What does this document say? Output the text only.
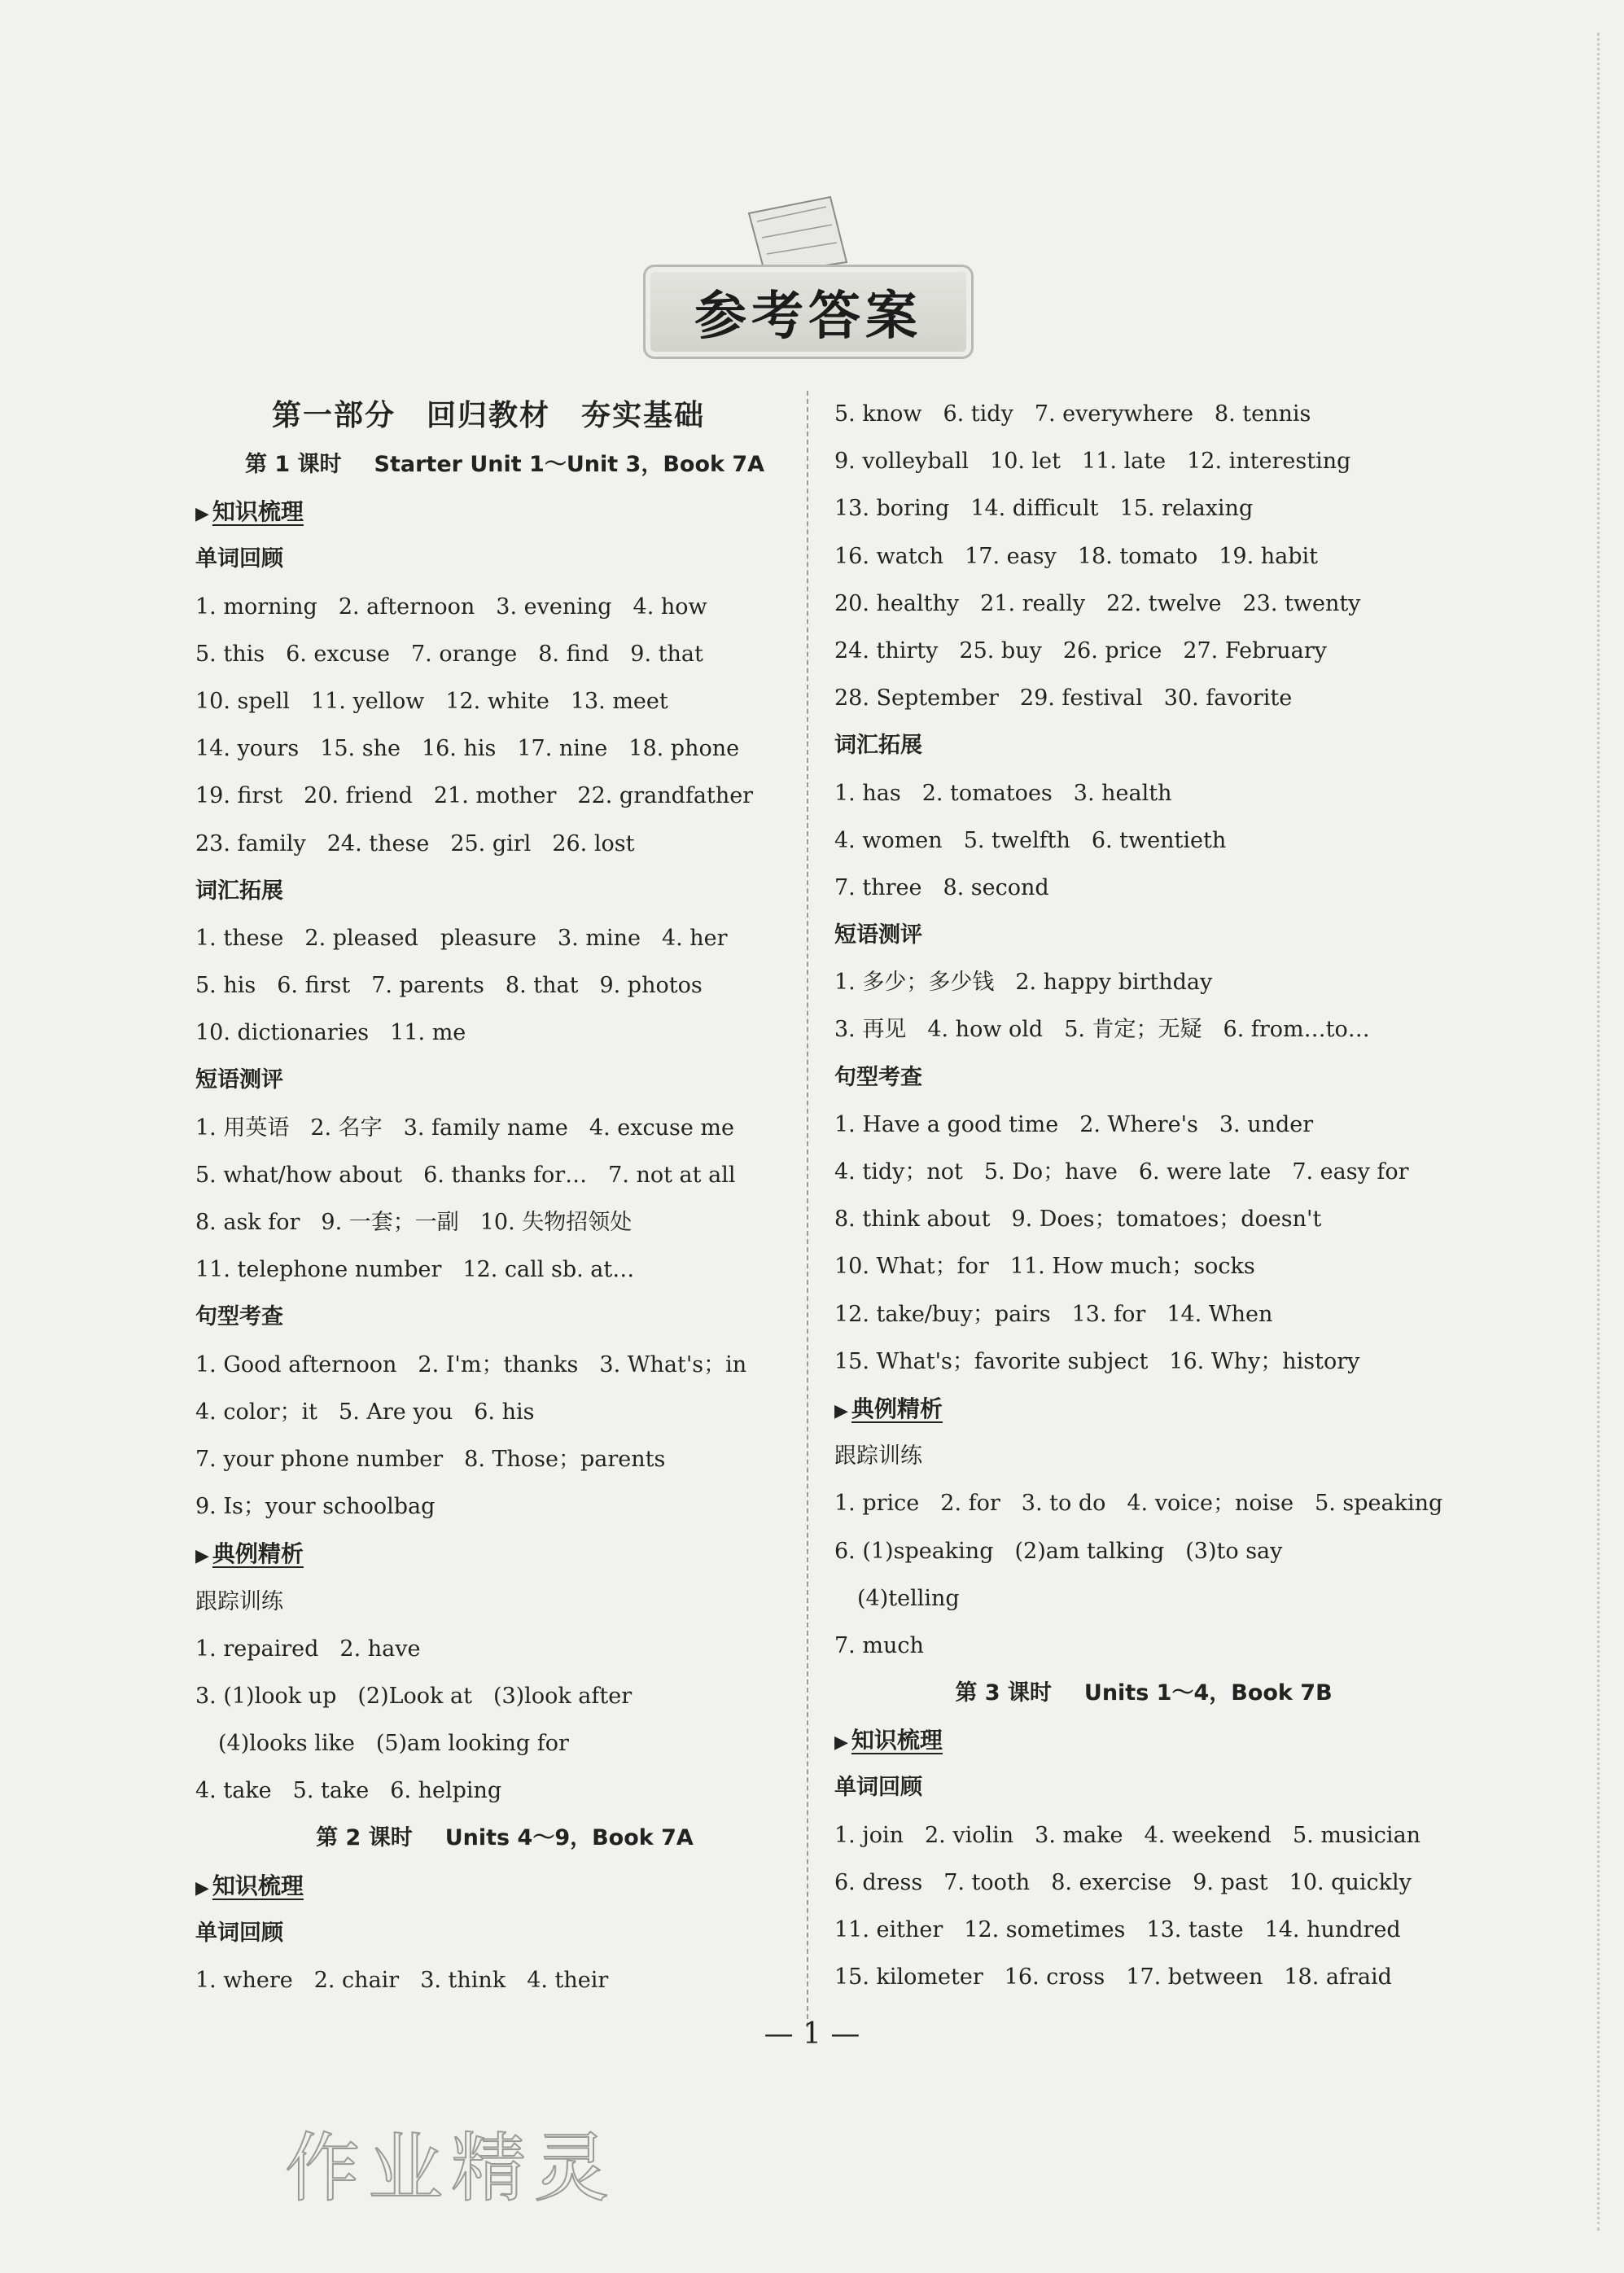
参考答案
第一部分　回归教材　夯实基础
第 1 课时 Starter Unit 1～Unit 3，Book 7A
▶ 知识梳理
单词回顾
1. morning 2. afternoon 3. evening 4. how
5. this 6. excuse 7. orange 8. find 9. that
10. spell 11. yellow 12. white 13. meet
14. yours 15. she 16. his 17. nine 18. phone
19. first 20. friend 21. mother 22. grandfather
23. family 24. these 25. girl 26. lost
词汇拓展
1. these 2. pleased　pleasure 3. mine 4. her
5. his 6. first 7. parents 8. that 9. photos
10. dictionaries 11. me
短语测评
1. 用英语 2. 名字 3. family name 4. excuse me
5. what/how about 6. thanks for… 7. not at all
8. ask for 9. 一套；一副 10. 失物招领处
11. telephone number 12. call sb. at…
句型考查
1. Good afternoon 2. I'm；thanks 3. What's；in
4. color；it 5. Are you 6. his
7. your phone number 8. Those；parents
9. Is；your schoolbag
▶ 典例精析
跟踪训练
1. repaired 2. have
3. (1)look up (2)Look at (3)look after
(4)looks like (5)am looking for
4. take 5. take 6. helping
第 2 课时 Units 4～9，Book 7A
▶ 知识梳理
单词回顾
1. where 2. chair 3. think 4. their
5. know 6. tidy 7. everywhere 8. tennis
9. volleyball 10. let 11. late 12. interesting
13. boring 14. difficult 15. relaxing
16. watch 17. easy 18. tomato 19. habit
20. healthy 21. really 22. twelve 23. twenty
24. thirty 25. buy 26. price 27. February
28. September 29. festival 30. favorite
词汇拓展
1. has 2. tomatoes 3. health
4. women 5. twelfth 6. twentieth
7. three 8. second
短语测评
1. 多少；多少钱 2. happy birthday
3. 再见 4. how old 5. 肯定；无疑 6. from…to…
句型考查
1. Have a good time 2. Where's 3. under
4. tidy；not 5. Do；have 6. were late 7. easy for
8. think about 9. Does；tomatoes；doesn't
10. What；for 11. How much；socks
12. take/buy；pairs 13. for 14. When
15. What's；favorite subject 16. Why；history
▶ 典例精析
跟踪训练
1. price 2. for 3. to do 4. voice；noise 5. speaking
6. (1)speaking (2)am talking (3)to say
(4)telling
7. much
第 3 课时 Units 1～4，Book 7B
▶ 知识梳理
单词回顾
1. join 2. violin 3. make 4. weekend 5. musician
6. dress 7. tooth 8. exercise 9. past 10. quickly
11. either 12. sometimes 13. taste 14. hundred
15. kilometer 16. cross 17. between 18. afraid
— 1 —
作业精灵
